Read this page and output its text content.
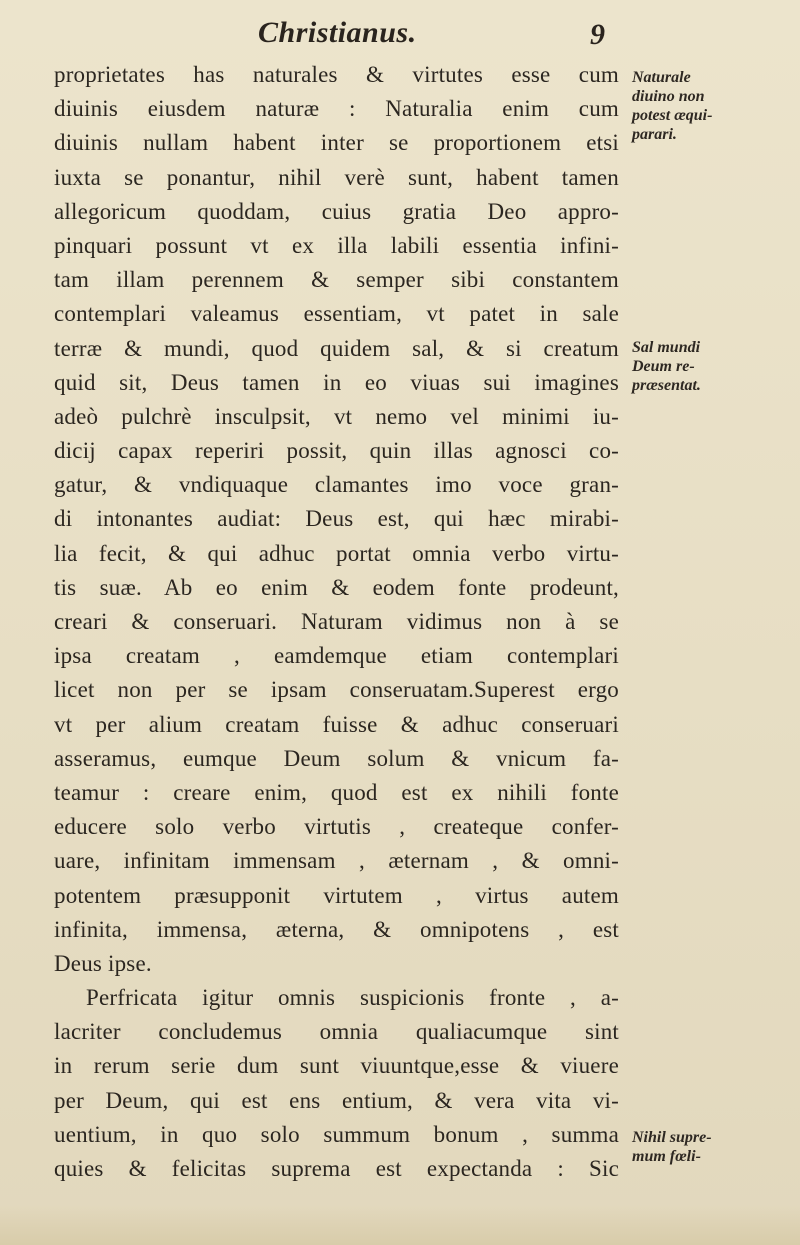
Christianus.	9
proprietates has naturales & virtutes esse cum
diuinis eiusdem naturæ : Naturalia enim cum
diuinis nullam habent inter se proportionem etsi
iuxta se ponantur, nihil verè sunt, habent tamen
allegoricum quoddam, cuius gratia Deo appro-
pinquari possunt vt ex illa labili essentia infini-
tam illam perennem & semper sibi constantem
contemplari valeamus essentiam, vt patet in sale
terræ & mundi, quod quidem sal, & si creatum
quid sit, Deus tamen in eo viuas sui imagines
adeò pulchrè insculpsit, vt nemo vel minimi iu-
dicij capax reperiri possit, quin illas agnosci co-
gatur, & vndiquaque clamantes imo voce gran-
di intonantes audiat: Deus est, qui hæc mirabi-
lia fecit, & qui adhuc portat omnia verbo virtu-
tis suæ. Ab eo enim & eodem fonte prodeunt,
creari & conseruari. Naturam vidimus non à se
ipsa creatam , eamdemque etiam contemplari
licet non per se ipsam conseruatam.Superest ergo
vt per alium creatam fuisse & adhuc conseruari
asseramus, eumque Deum solum & vnicum fa-
teamur : creare enim, quod est ex nihili fonte
educere solo verbo virtutis , createque confer-
uare, infinitam immensam , æternam , & omni-
potentem præsupponit virtutem , virtus autem
infinita, immensa, æterna, & omnipotens , est
Deus ipse.
Perfricata igitur omnis suspicionis fronte , a-
lacriter concludemus omnia qualiacumque sint
in rerum serie dum sunt viuuntque,esse & viuere
per Deum, qui est ens entium, & vera vita vi-
uentium, in quo solo summum bonum , summa
quies & felicitas suprema est expectanda : Sic
Naturale
diuino non
potest æqui-
parari.
Sal mundi
Deum re-
præsentat.
Nihil supre-
mum fœli-
